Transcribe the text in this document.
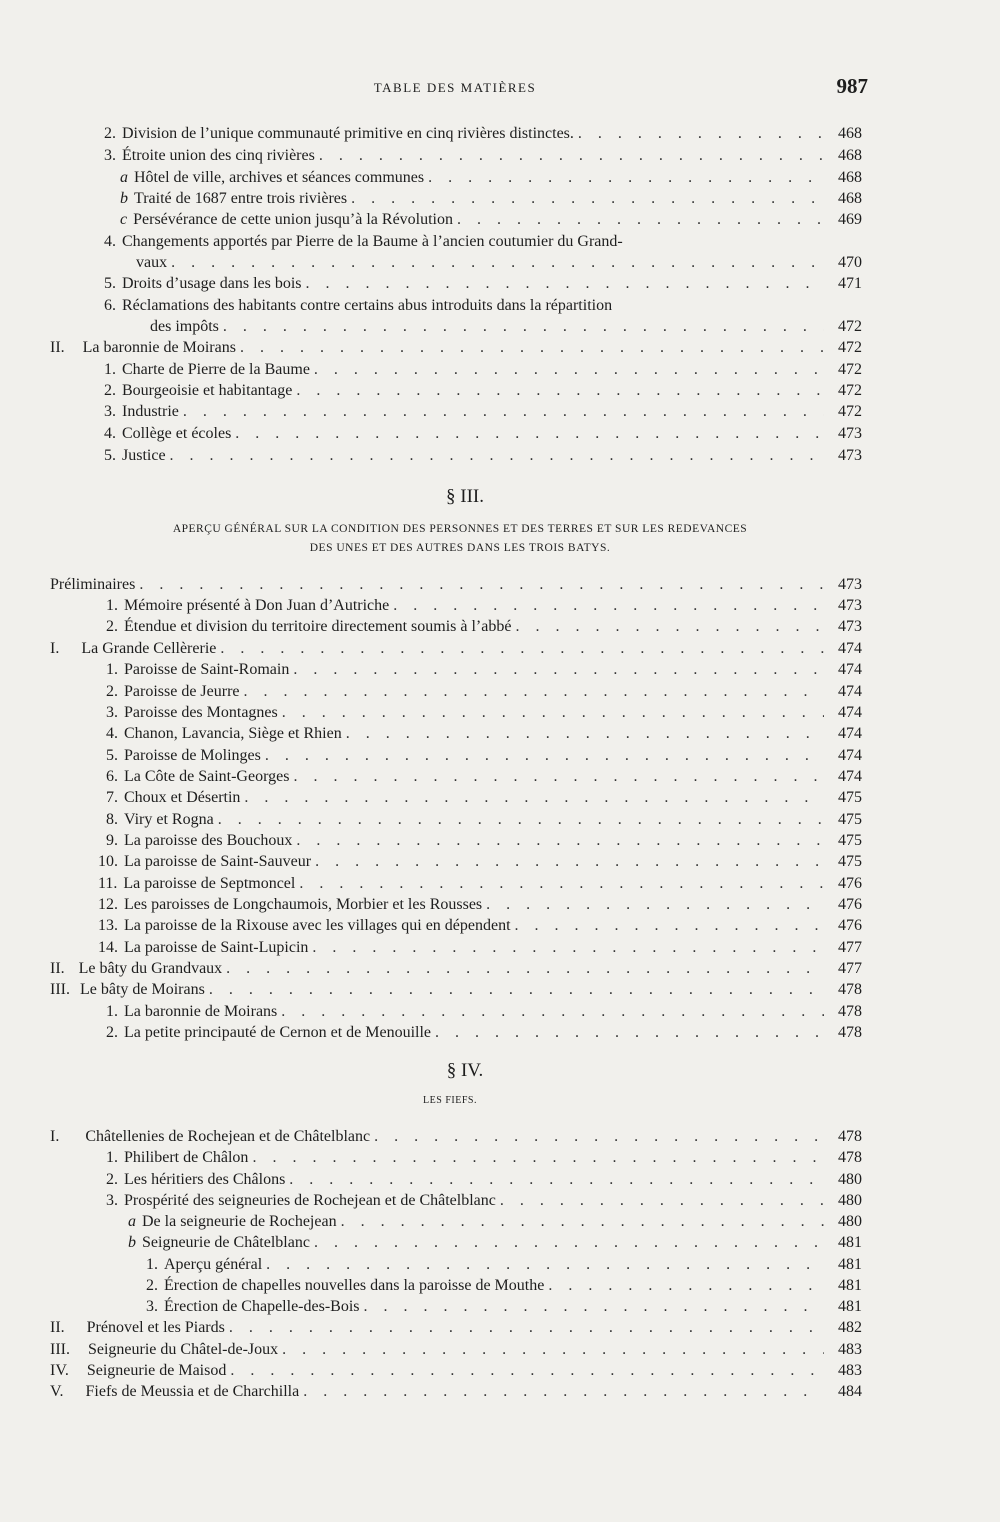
TABLE DES MATIÈRES	987
2. Division de l’unique communauté primitive en cinq rivières distinctes. . . .	468
3. Étroite union des cinq rivières . . .	468
a Hôtel de ville, archives et séances communes . . .	468
b Traité de 1687 entre trois rivières . . .	468
c Persévérance de cette union jusqu’à la Révolution . . .	469
4. Changements apportés par Pierre de la Baume à l’ancien coutumier du Grand-
vaux . . .	470
5. Droits d’usage dans les bois . . .	471
6. Réclamations des habitants contre certains abus introduits dans la répartition
des impôts . . .	472
II. La baronnie de Moirans . . .	472
1. Charte de Pierre de la Baume . . .	472
2. Bourgeoisie et habitantage . . .	472
3. Industrie . . .	472
4. Collège et écoles . . .	473
5. Justice . . .	473
§ III.
APERÇU GÉNÉRAL SUR LA CONDITION DES PERSONNES ET DES TERRES ET SUR LES REDEVANCES
DES UNES ET DES AUTRES DANS LES TROIS BATYS.
Préliminaires . . .	473
1. Mémoire présenté à Don Juan d’Autriche . . .	473
2. Étendue et division du territoire directement soumis à l’abbé . . .	473
I. La Grande Cellèrerie . . .	474
1. Paroisse de Saint-Romain . . .	474
2. Paroisse de Jeurre . . .	474
3. Paroisse des Montagnes . . .	474
4. Chanon, Lavancia, Siège et Rhien . . .	474
5. Paroisse de Molinges . . .	474
6. La Côte de Saint-Georges . . .	474
7. Choux et Désertin . . .	475
8. Viry et Rogna . . .	475
9. La paroisse des Bouchoux . . .	475
10. La paroisse de Saint-Sauveur . . .	475
11. La paroisse de Septmoncel . . .	476
12. Les paroisses de Longchaumois, Morbier et les Rousses . . .	476
13. La paroisse de la Rixouse avec les villages qui en dépendent . . .	476
14. La paroisse de Saint-Lupicin . . .	477
II. Le bâty du Grandvaux . . .	477
III. Le bâty de Moirans . . .	478
1. La baronnie de Moirans . . .	478
2. La petite principauté de Cernon et de Menouille . . .	478
§ IV.
LES FIEFS.
I. Châtellenies de Rochejean et de Châtelblanc . . .	478
1. Philibert de Châlon . . .	478
2. Les héritiers des Châlons . . .	480
3. Prospérité des seigneuries de Rochejean et de Châtelblanc . . .	480
a De la seigneurie de Rochejean . . .	480
b Seigneurie de Châtelblanc . . .	481
1. Aperçu général . . .	481
2. Érection de chapelles nouvelles dans la paroisse de Mouthe . . .	481
3. Érection de Chapelle-des-Bois . . .	481
II. Prénovel et les Piards . . .	482
III. Seigneurie du Châtel-de-Joux . . .	483
IV. Seigneurie de Maisod . . .	483
V. Fiefs de Meussia et de Charchilla . . .	484
